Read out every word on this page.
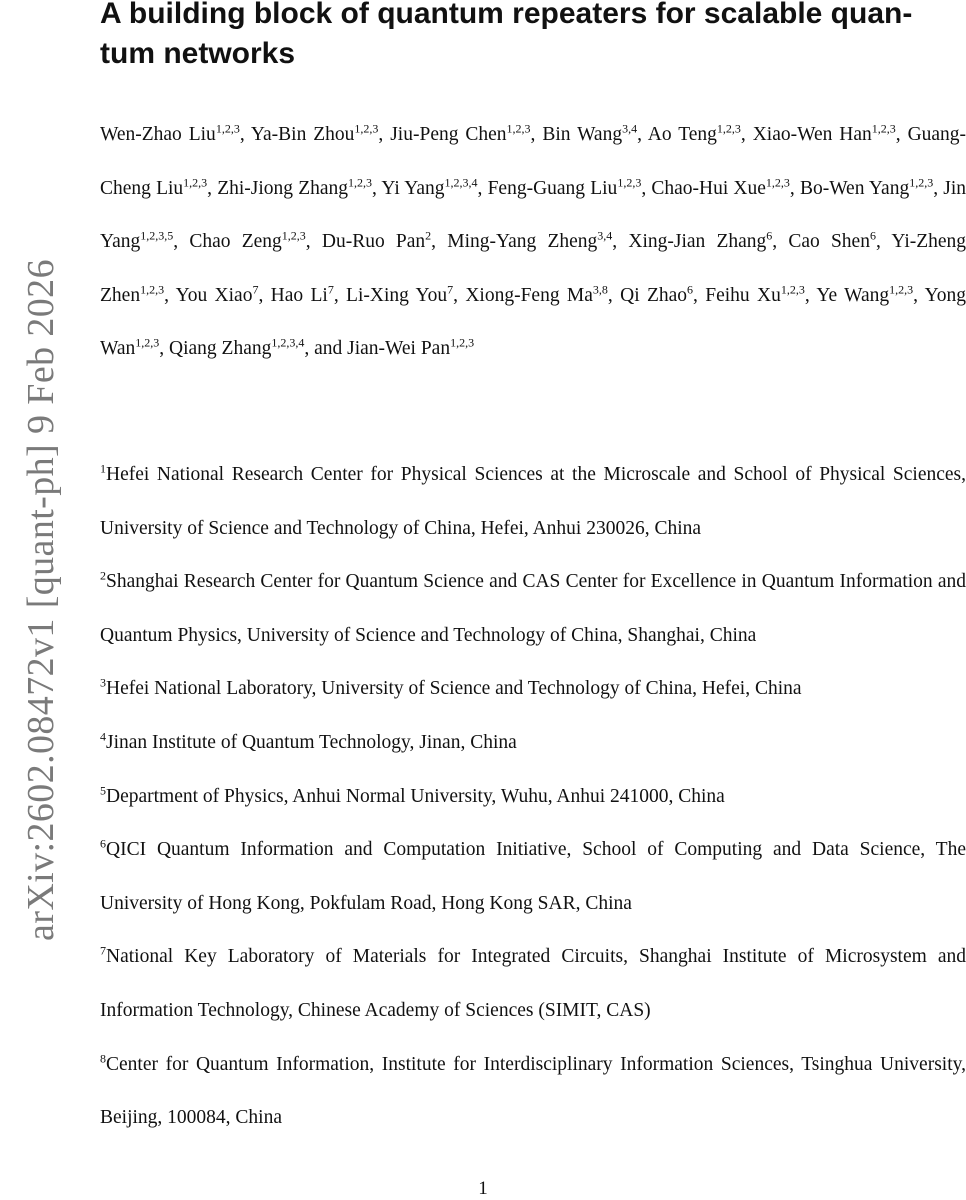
A building block of quantum repeaters for scalable quan-
tum networks

Wen-Zhao Liu$^{1,2,3}$, Ya-Bin Zhou$^{1,2,3}$, Jiu-Peng Chen$^{1,2,3}$, Bin Wang$^{3,4}$, Ao Teng$^{1,2,3}$, Xiao-Wen Han$^{1,2,3}$, Guang-Cheng Liu$^{1,2,3}$, Zhi-Jiong Zhang$^{1,2,3}$, Yi Yang$^{1,2,3,4}$, Feng-Guang Liu$^{1,2,3}$, Chao-Hui Xue$^{1,2,3}$, Bo-Wen Yang$^{1,2,3}$, Jin Yang$^{1,2,3,5}$, Chao Zeng$^{1,2,3}$, Du-Ruo Pan$^2$, Ming-Yang Zheng$^{3,4}$, Xing-Jian Zhang$^6$, Cao Shen$^6$, Yi-Zheng Zhen$^{1,2,3}$, You Xiao$^7$, Hao Li$^7$, Li-Xing You$^7$, Xiong-Feng Ma$^{3,8}$, Qi Zhao$^6$, Feihu Xu$^{1,2,3}$, Ye Wang$^{1,2,3}$, Yong Wan$^{1,2,3}$, Qiang Zhang$^{1,2,3,4}$, and Jian-Wei Pan$^{1,2,3}$

$^1$Hefei National Research Center for Physical Sciences at the Microscale and School of Physical Sciences, University of Science and Technology of China, Hefei, Anhui 230026, China

$^2$Shanghai Research Center for Quantum Science and CAS Center for Excellence in Quantum Information and Quantum Physics, University of Science and Technology of China, Shanghai, China

$^3$Hefei National Laboratory, University of Science and Technology of China, Hefei, China

$^4$Jinan Institute of Quantum Technology, Jinan, China

$^5$Department of Physics, Anhui Normal University, Wuhu, Anhui 241000, China

$^6$QICI Quantum Information and Computation Initiative, School of Computing and Data Science, The University of Hong Kong, Pokfulam Road, Hong Kong SAR, China

$^7$National Key Laboratory of Materials for Integrated Circuits, Shanghai Institute of Microsystem and Information Technology, Chinese Academy of Sciences (SIMIT, CAS)

$^8$Center for Quantum Information, Institute for Interdisciplinary Information Sciences, Tsinghua University, Beijing, 100084, China

arXiv:2602.08472v1 [quant-ph] 9 Feb 2026
1
